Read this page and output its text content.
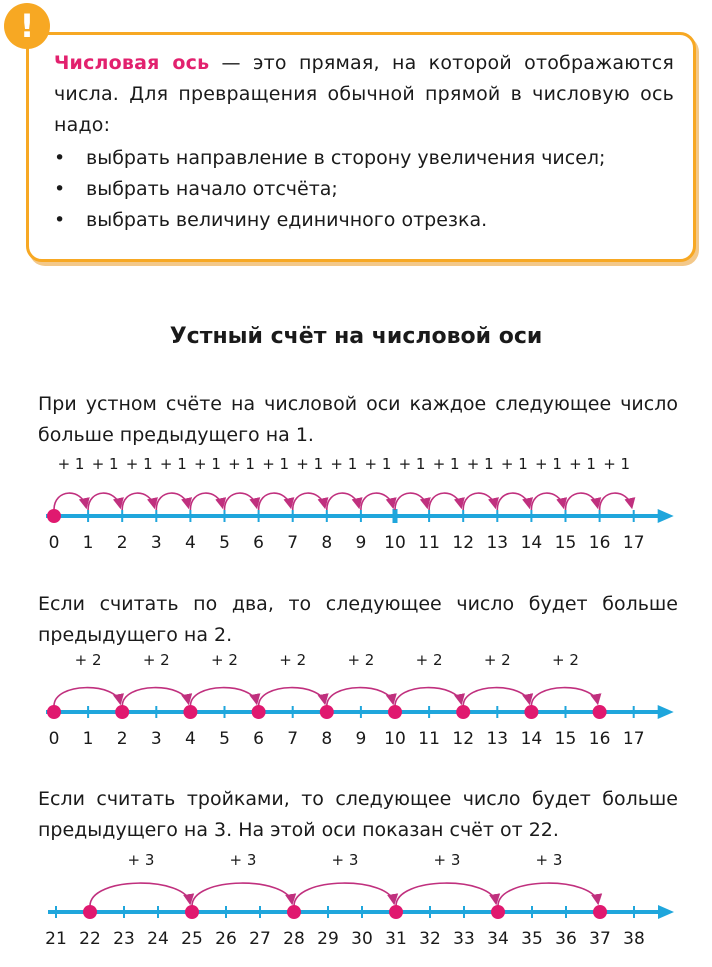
!
Числовая ось — это прямая, на которой отображаются числа. Для превращения обычной прямой в числовую ось надо:
• выбрать направление в сторону увеличения чисел;
• выбрать начало отсчёта;
• выбрать величину единичного отрезка.
Устный счёт на числовой оси
При устном счёте на числовой оси каждое следующее число больше предыдущего на 1.
0 1 2 3 4 5 6 7 8 9 10 11 12 13 14 15 16 17
+ 1 + 1 + 1 + 1 + 1 + 1 + 1 + 1 + 1 + 1 + 1 + 1 + 1 + 1 + 1 + 1 + 1
Если считать по два, то следующее число будет больше предыдущего на 2.
0 1 2 3 4 5 6 7 8 9 10 11 12 13 14 15 16 17
+ 2	+ 2	+ 2	+ 2	+ 2	+ 2	+ 2	+ 2
Если считать тройками, то следующее число будет больше предыдущего на 3. На этой оси показан счёт от 22.
21 22 23 24 25 26 27 28 29 30 31 32 33 34 35 36 37 38
+ 3	+ 3	+ 3	+ 3	+ 3
